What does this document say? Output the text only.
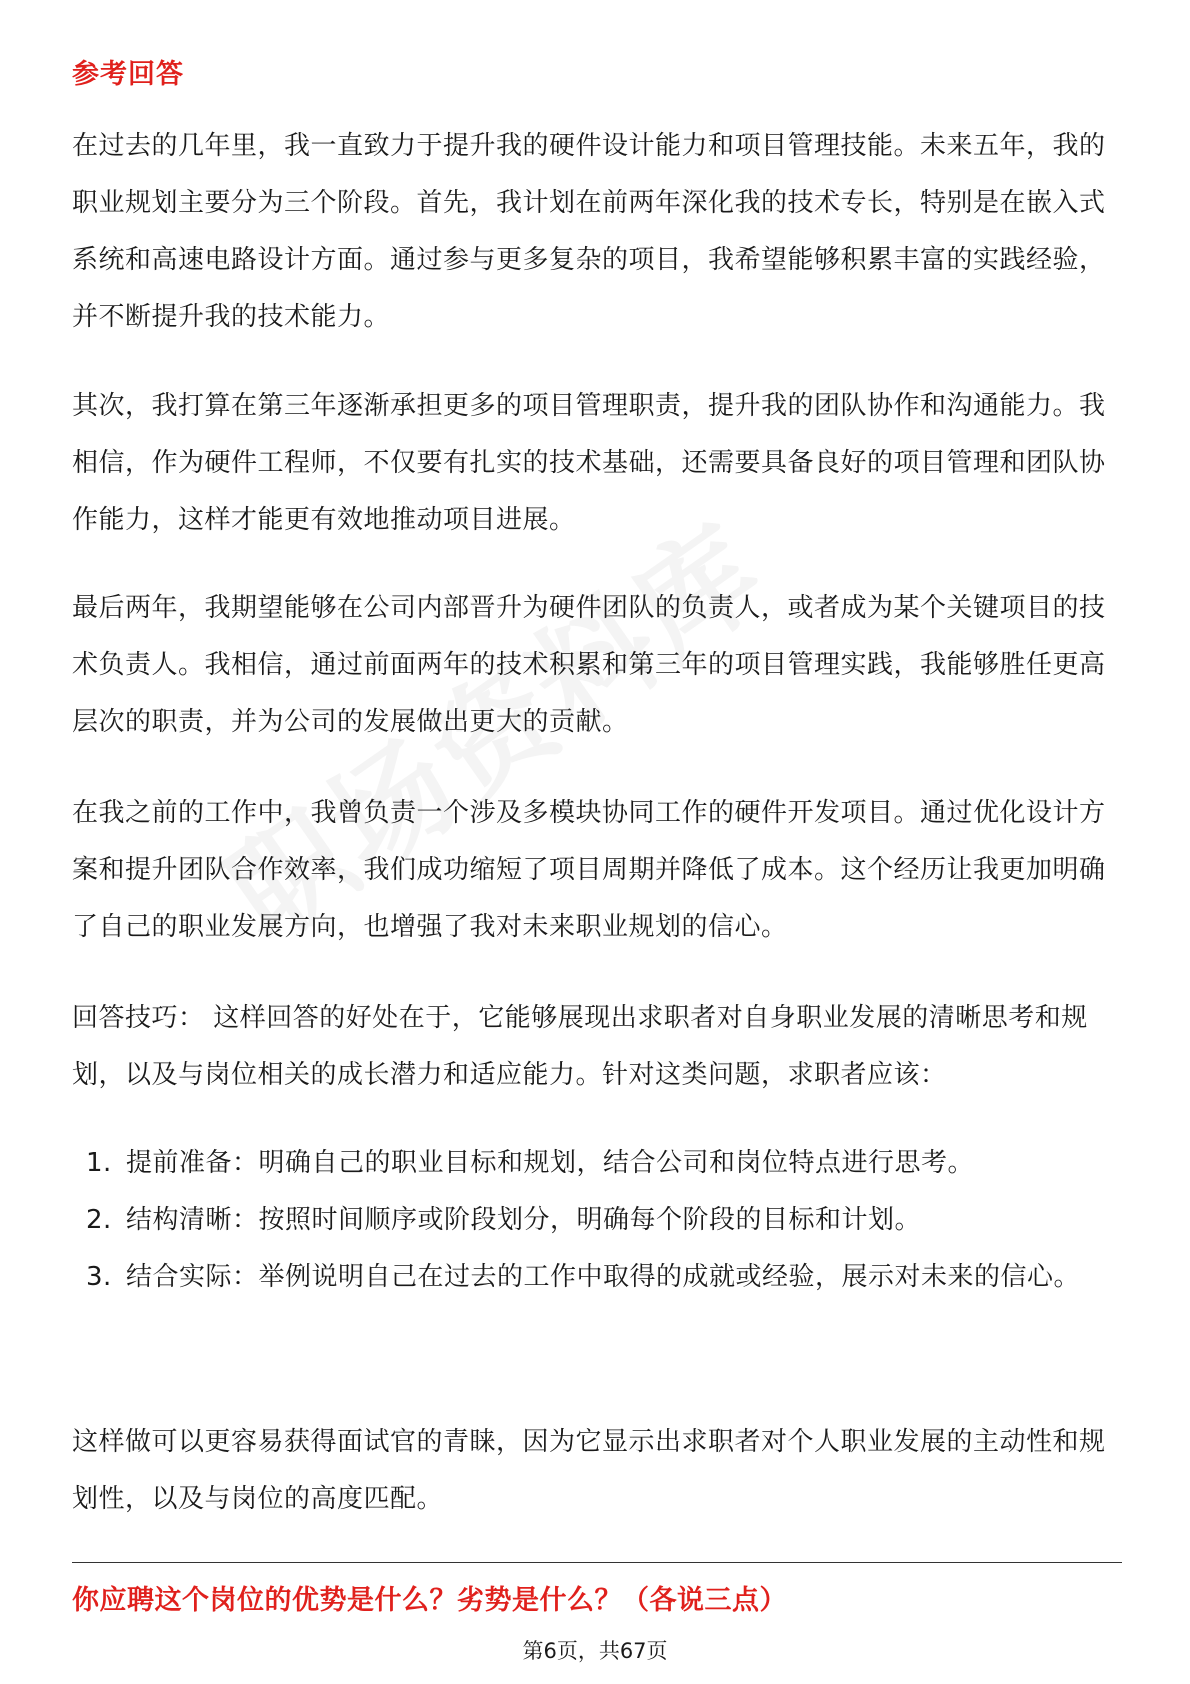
参考回答

在过去的几年里，我一直致力于提升我的硬件设计能力和项目管理技能。未来五年，我的职业规划主要分为三个阶段。首先，我计划在前两年深化我的技术专长，特别是在嵌入式系统和高速电路设计方面。通过参与更多复杂的项目，我希望能够积累丰富的实践经验，并不断提升我的技术能力。

其次，我打算在第三年逐渐承担更多的项目管理职责，提升我的团队协作和沟通能力。我相信，作为硬件工程师，不仅要有扎实的技术基础，还需要具备良好的项目管理和团队协作能力，这样才能更有效地推动项目进展。

最后两年，我期望能够在公司内部晋升为硬件团队的负责人，或者成为某个关键项目的技术负责人。我相信，通过前面两年的技术积累和第三年的项目管理实践，我能够胜任更高层次的职责，并为公司的发展做出更大的贡献。

在我之前的工作中，我曾负责一个涉及多模块协同工作的硬件开发项目。通过优化设计方案和提升团队合作效率，我们成功缩短了项目周期并降低了成本。这个经历让我更加明确了自己的职业发展方向，也增强了我对未来职业规划的信心。

回答技巧： 这样回答的好处在于，它能够展现出求职者对自身职业发展的清晰思考和规划，以及与岗位相关的成长潜力和适应能力。针对这类问题，求职者应该：

1. 提前准备：明确自己的职业目标和规划，结合公司和岗位特点进行思考。
2. 结构清晰：按照时间顺序或阶段划分，明确每个阶段的目标和计划。
3. 结合实际：举例说明自己在过去的工作中取得的成就或经验，展示对未来的信心。

这样做可以更容易获得面试官的青睐，因为它显示出求职者对个人职业发展的主动性和规划性，以及与岗位的高度匹配。

你应聘这个岗位的优势是什么？劣势是什么？（各说三点）
第6页，共67页
